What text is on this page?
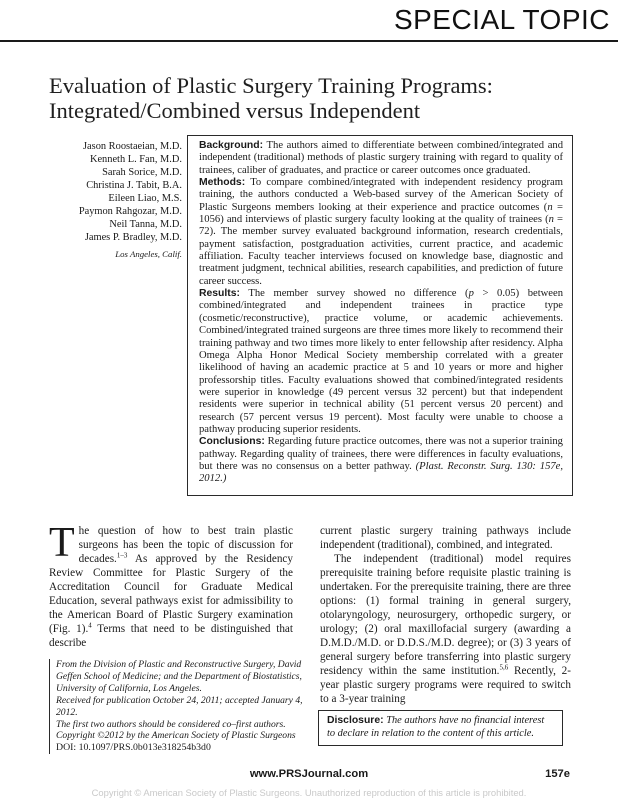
SPECIAL TOPIC
Evaluation of Plastic Surgery Training Programs:
Integrated/Combined versus Independent
Jason Roostaeian, M.D.
Kenneth L. Fan, M.D.
Sarah Sorice, M.D.
Christina J. Tabit, B.A.
Eileen Liao, M.S.
Paymon Rahgozar, M.D.
Neil Tanna, M.D.
James P. Bradley, M.D.
Los Angeles, Calif.

Background: The authors aimed to differentiate between combined/integrated and independent (traditional) methods of plastic surgery training with regard to quality of trainees, caliber of graduates, and practice or career outcomes once graduated.

Methods: To compare combined/integrated with independent residency program training, the authors conducted a Web-based survey of the American Society of Plastic Surgeons members looking at their experience and practice outcomes (n = 1056) and interviews of plastic surgery faculty looking at the quality of trainees (n = 72). The member survey evaluated background information, research credentials, payment satisfaction, postgraduation activities, current practice, and academic affiliation. Faculty teacher interviews focused on knowledge base, diagnostic and treatment judgment, technical abilities, research capabilities, and prediction of future career success.

Results: The member survey showed no difference (p > 0.05) between combined/integrated and independent trainees in practice type (cosmetic/reconstructive), practice volume, or academic achievements. Combined/integrated trained surgeons are three times more likely to recommend their training pathway and two times more likely to enter fellowship after residency. Alpha Omega Alpha Honor Medical Society membership correlated with a greater likelihood of having an academic practice at 5 and 10 years or more and higher professorship titles. Faculty evaluations showed that combined/integrated residents were superior in knowledge (49 percent versus 32 percent) but that independent residents were superior in technical ability (51 percent versus 20 percent) and research (57 percent versus 19 percent). Most faculty were unable to choose a pathway producing superior residents.

Conclusions: Regarding future practice outcomes, there was not a superior training pathway. Regarding quality of trainees, there were differences in faculty evaluations, but there was no consensus on a better pathway. (Plast. Reconstr. Surg. 130: 157e, 2012.)

The question of how to best train plastic surgeons has been the topic of discussion for decades.$^{1-3}$ As approved by the Residency Review Committee for Plastic Surgery of the Accreditation Council for Graduate Medical Education, several pathways exist for admissibility to the American Board of Plastic Surgery examination (Fig. 1).$^4$ Terms that need to be distinguished that describe

current plastic surgery training pathways include independent (traditional), combined, and integrated.

The independent (traditional) model requires prerequisite training before requisite plastic training is undertaken. For the prerequisite training, there are three options: (1) formal training in general surgery, otolaryngology, neurosurgery, orthopedic surgery, or urology; (2) oral maxillofacial surgery (awarding a D.M.D./M.D. or D.D.S./M.D. degree); or (3) 3 years of general surgery before transferring into plastic surgery residency within the same institution.$^{5,6}$ Recently, 2-year plastic surgery programs were required to switch to a 3-year training

From the Division of Plastic and Reconstructive Surgery, David Geffen School of Medicine; and the Department of Biostatistics, University of California, Los Angeles.

Received for publication October 24, 2011; accepted January 4, 2012.

The first two authors should be considered co–first authors.

Copyright ©2012 by the American Society of Plastic Surgeons

DOI: 10.1097/PRS.0b013e318254b3d0

Disclosure: The authors have no financial interest to declare in relation to the content of this article.
www.PRSJournal.com	157e
Copyright © American Society of Plastic Surgeons. Unauthorized reproduction of this article is prohibited.
